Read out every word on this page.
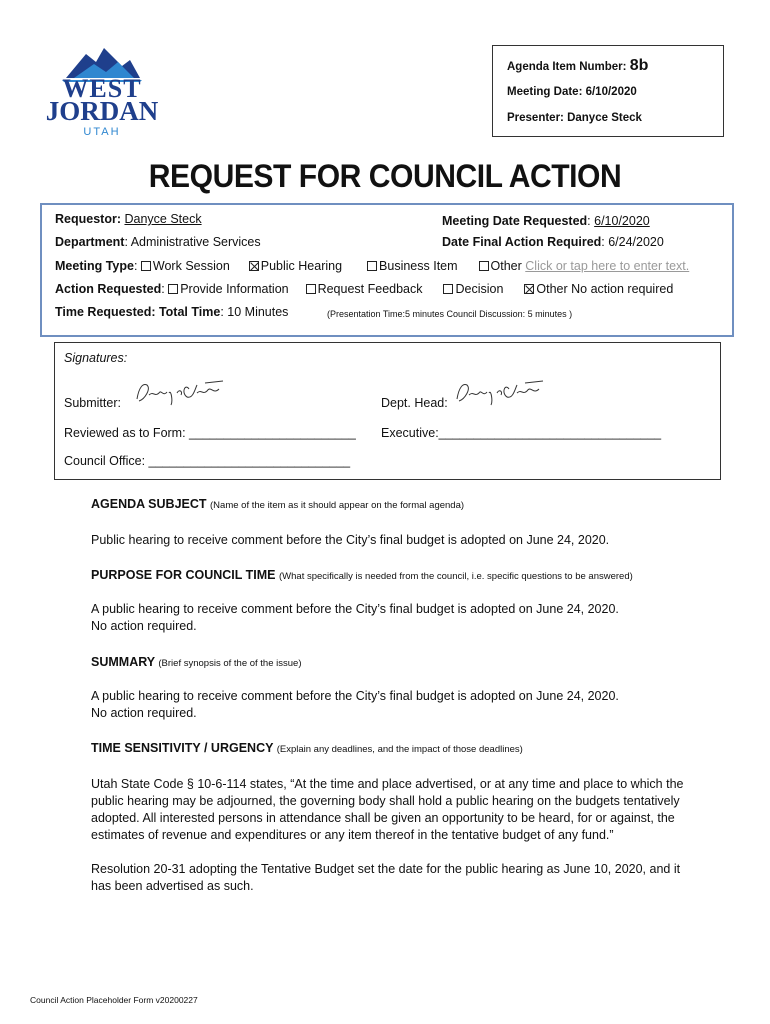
WEST
JORDAN
UTAH
Agenda Item Number: 8b
Meeting Date: 6/10/2020
Presenter: Danyce Steck
REQUEST FOR COUNCIL ACTION
Requestor: Danyce Steck	Meeting Date Requested: 6/10/2020
Department: Administrative Services	Date Final Action Required: 6/24/2020
Meeting Type: Work Session Public Hearing	Business Item	Other Click or tap here to enter text.
Action Requested: Provide Information Request Feedback	Decision	Other No action required
Time Requested: Total Time: 10 Minutes	(Presentation Time:5 minutes Council Discussion: 5 minutes )
Signatures:
Submitter:	Dept. Head:
Reviewed as to Form: ________________________ Executive:________________________________
Council Office: _____________________________
AGENDA SUBJECT (Name of the item as it should appear on the formal agenda)
Public hearing to receive comment before the City’s final budget is adopted on June 24, 2020.
PURPOSE FOR COUNCIL TIME (What specifically is needed from the council, i.e. specific questions to be answered)
A public hearing to receive comment before the City’s final budget is adopted on June 24, 2020.
No action required.
SUMMARY (Brief synopsis of the of the issue)
A public hearing to receive comment before the City’s final budget is adopted on June 24, 2020.
No action required.
TIME SENSITIVITY / URGENCY (Explain any deadlines, and the impact of those deadlines)
Utah State Code § 10-6-114 states, “At the time and place advertised, or at any time and place to which the public hearing may be adjourned, the governing body shall hold a public hearing on the budgets tentatively adopted. All interested persons in attendance shall be given an opportunity to be heard, for or against, the estimates of revenue and expenditures or any item thereof in the tentative budget of any fund.”
Resolution 20-31 adopting the Tentative Budget set the date for the public hearing as June 10, 2020, and it has been advertised as such.
Council Action Placeholder Form v20200227
